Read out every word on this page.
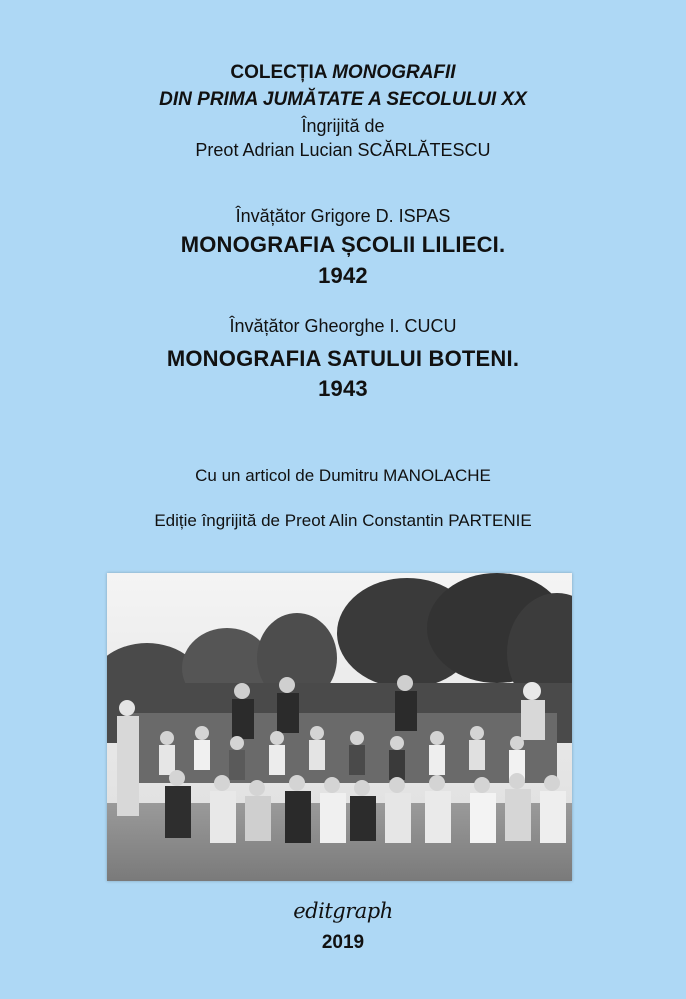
COLECȚIA MONOGRAFII
DIN PRIMA JUMĂTATE A SECOLULUI XX
Îngrijită de
Preot Adrian Lucian SCĂRLĂTESCU
Învățător Grigore D. ISPAS
MONOGRAFIA ȘCOLII LILIECI.
1942
Învățător Gheorghe I. CUCU
MONOGRAFIA SATULUI BOTENI.
1943
Cu un articol de Dumitru MANOLACHE
Ediție îngrijită de Preot Alin Constantin PARTENIE
editgraph
2019
